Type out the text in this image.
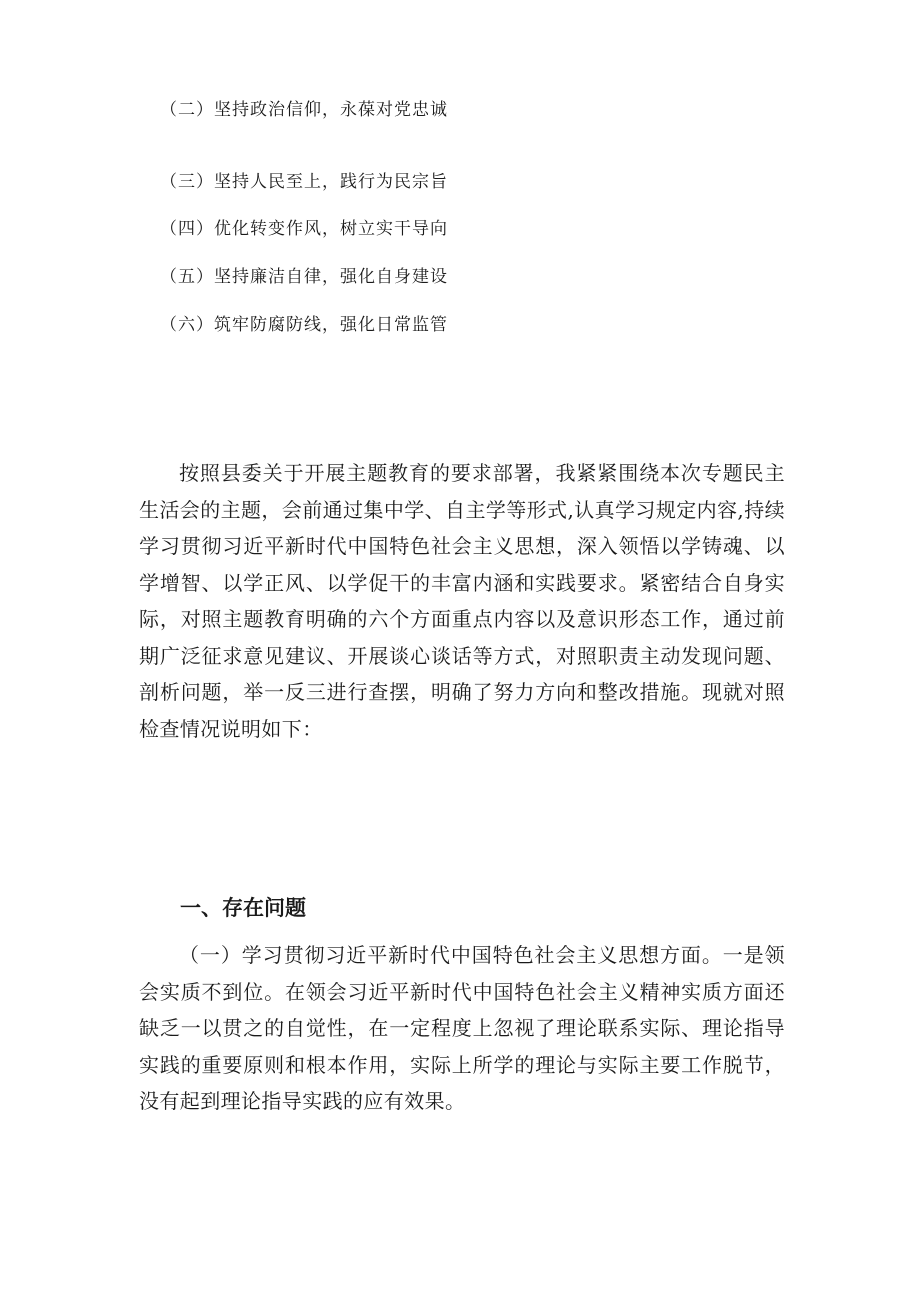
（二）坚持政治信仰，永葆对党忠诚
（三）坚持人民至上，践行为民宗旨
（四）优化转变作风，树立实干导向
（五）坚持廉洁自律，强化自身建设
（六）筑牢防腐防线，强化日常监管

按照县委关于开展主题教育的要求部署，我紧紧围绕本次专题民主生活会的主题，会前通过集中学、自主学等形式,认真学习规定内容,持续学习贯彻习近平新时代中国特色社会主义思想，深入领悟以学铸魂、以学增智、以学正风、以学促干的丰富内涵和实践要求。紧密结合自身实际，对照主题教育明确的六个方面重点内容以及意识形态工作，通过前期广泛征求意见建议、开展谈心谈话等方式，对照职责主动发现问题、剖析问题，举一反三进行查摆，明确了努力方向和整改措施。现就对照检查情况说明如下：

一、存在问题

（一）学习贯彻习近平新时代中国特色社会主义思想方面。一是领会实质不到位。在领会习近平新时代中国特色社会主义精神实质方面还缺乏一以贯之的自觉性，在一定程度上忽视了理论联系实际、理论指导实践的重要原则和根本作用，实际上所学的理论与实际主要工作脱节，没有起到理论指导实践的应有效果。
